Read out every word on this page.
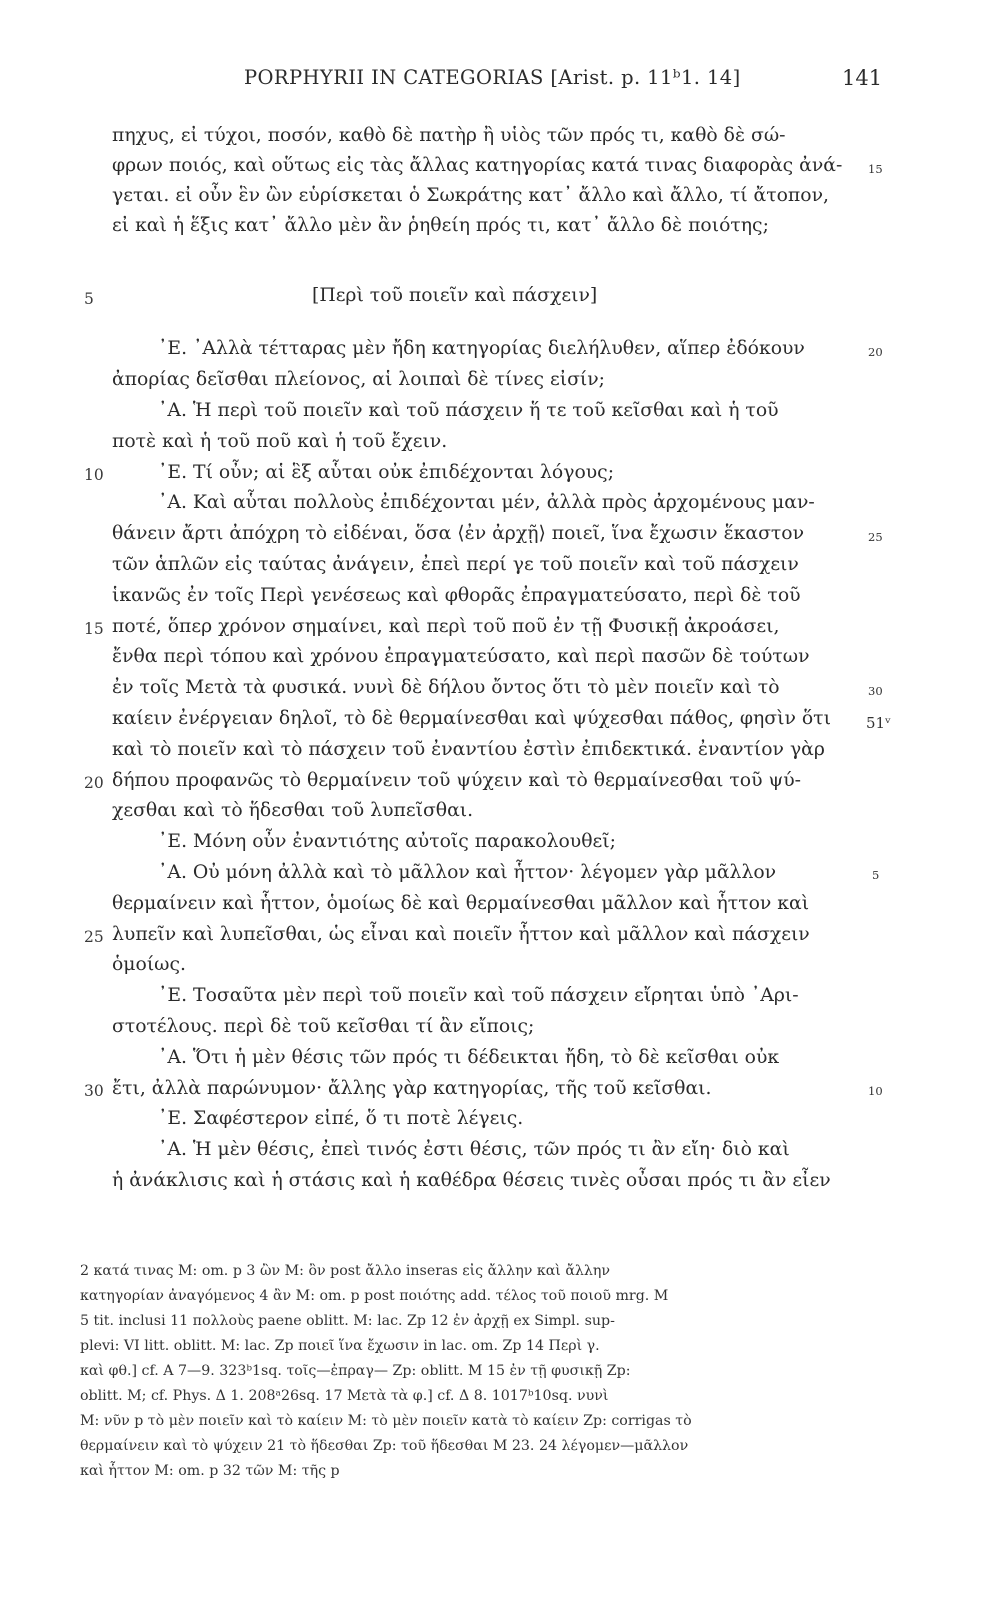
PORPHYRII IN CATEGORIAS [Arist. p. 11ᵇ1. 14]	141
πηχυς, εἰ τύχοι, ποσόν, καθὸ δὲ πατὴρ ἢ υἱὸς τῶν πρός τι, καθὸ δὲ σώ-
φρων ποιός, καὶ οὕτως εἰς τὰς ἄλλας κατηγορίας κατά τινας διαφορὰς ἀνά-
γεται. εἰ οὖν ἓν ὢν εὑρίσκεται ὁ Σωκράτης κατ᾽ ἄλλο καὶ ἄλλο, τί ἄτοπον,
εἰ καὶ ἡ ἕξις κατ᾽ ἄλλο μὲν ἂν ῥηθείη πρός τι, κατ᾽ ἄλλο δὲ ποιότης;
[Περὶ τοῦ ποιεῖν καὶ πάσχειν]
᾽Ε. ᾽Αλλὰ τέτταρας μὲν ἤδη κατηγορίας διελήλυθεν, αἵπερ ἐδόκουν
ἀπορίας δεῖσθαι πλείονος, αἱ λοιπαὶ δὲ τίνες εἰσίν;
᾽Α. Ἡ περὶ τοῦ ποιεῖν καὶ τοῦ πάσχειν ἥ τε τοῦ κεῖσθαι καὶ ἡ τοῦ
ποτὲ καὶ ἡ τοῦ ποῦ καὶ ἡ τοῦ ἔχειν.
᾽Ε. Τί οὖν; αἱ ἓξ αὗται οὐκ ἐπιδέχονται λόγους;
᾽Α. Καὶ αὗται πολλοὺς ἐπιδέχονται μέν, ἀλλὰ πρὸς ἀρχομένους μαν-
θάνειν ἄρτι ἀπόχρη τὸ εἰδέναι, ὅσα ⟨ἐν ἀρχῇ⟩ ποιεῖ, ἵνα ἔχωσιν ἕκαστον
τῶν ἁπλῶν εἰς ταύτας ἀνάγειν, ἐπεὶ περί γε τοῦ ποιεῖν καὶ τοῦ πάσχειν
ἱκανῶς ἐν τοῖς Περὶ γενέσεως καὶ φθορᾶς ἐπραγματεύσατο, περὶ δὲ τοῦ
ποτέ, ὅπερ χρόνον σημαίνει, καὶ περὶ τοῦ ποῦ ἐν τῇ Φυσικῇ ἀκροάσει,
ἔνθα περὶ τόπου καὶ χρόνου ἐπραγματεύσατο, καὶ περὶ πασῶν δὲ τούτων
ἐν τοῖς Μετὰ τὰ φυσικά. νυνὶ δὲ δήλου ὄντος ὅτι τὸ μὲν ποιεῖν καὶ τὸ
καίειν ἐνέργειαν δηλοῖ, τὸ δὲ θερμαίνεσθαι καὶ ψύχεσθαι πάθος, φησὶν ὅτι
καὶ τὸ ποιεῖν καὶ τὸ πάσχειν τοῦ ἐναντίου ἐστὶν ἐπιδεκτικά. ἐναντίον γὰρ
δήπου προφανῶς τὸ θερμαίνειν τοῦ ψύχειν καὶ τὸ θερμαίνεσθαι τοῦ ψύ-
χεσθαι καὶ τὸ ἥδεσθαι τοῦ λυπεῖσθαι.
᾽Ε. Μόνη οὖν ἐναντιότης αὐτοῖς παρακολουθεῖ;
᾽Α. Οὐ μόνη ἀλλὰ καὶ τὸ μᾶλλον καὶ ἧττον· λέγομεν γὰρ μᾶλλον
θερμαίνειν καὶ ἧττον, ὁμοίως δὲ καὶ θερμαίνεσθαι μᾶλλον καὶ ἧττον καὶ
λυπεῖν καὶ λυπεῖσθαι, ὡς εἶναι καὶ ποιεῖν ἧττον καὶ μᾶλλον καὶ πάσχειν
ὁμοίως.
᾽Ε. Τοσαῦτα μὲν περὶ τοῦ ποιεῖν καὶ τοῦ πάσχειν εἴρηται ὑπὸ ᾽Αρι-
στοτέλους. περὶ δὲ τοῦ κεῖσθαι τί ἂν εἴποις;
᾽Α. Ὅτι ἡ μὲν θέσις τῶν πρός τι δέδεικται ἤδη, τὸ δὲ κεῖσθαι οὐκ
ἔτι, ἀλλὰ παρώνυμον· ἄλλης γὰρ κατηγορίας, τῆς τοῦ κεῖσθαι.
᾽Ε. Σαφέστερον εἰπέ, ὅ τι ποτὲ λέγεις.
᾽Α. Ἡ μὲν θέσις, ἐπεὶ τινός ἐστι θέσις, τῶν πρός τι ἂν εἴη· διὸ καὶ
ἡ ἀνάκλισις καὶ ἡ στάσις καὶ ἡ καθέδρα θέσεις τινὲς οὖσαι πρός τι ἂν εἶεν
5
10
15
20
25
30
15
20
25
30
51ᵛ
5
10
2 κατά τινας M: om. p 3 ὢν M: ὂν post ἄλλο inseras εἰς ἄλλην καὶ ἄλλην
κατηγορίαν ἀναγόμενος 4 ἂν M: om. p post ποιότης add. τέλος τοῦ ποιοῦ mrg. M
5 tit. inclusi 11 πολλοὺς paene oblitt. M: lac. Zp 12 ἐν ἀρχῇ ex Simpl. sup-
plevi: VI litt. oblitt. M: lac. Zp ποιεῖ ἵνα ἔχωσιν in lac. om. Zp 14 Περὶ γ.
καὶ φθ.] cf. A 7—9. 323ᵇ1sq. τοῖς—ἐπραγ— Zp: oblitt. M 15 ἐν τῇ φυσικῇ Zp:
oblitt. M; cf. Phys. Δ 1. 208ᵃ26sq. 17 Μετὰ τὰ φ.] cf. Δ 8. 1017ᵇ10sq. νυνὶ
M: νῦν p τὸ μὲν ποιεῖν καὶ τὸ καίειν M: τὸ μὲν ποιεῖν κατὰ τὸ καίειν Zp: corrigas τὸ
θερμαίνειν καὶ τὸ ψύχειν 21 τὸ ἥδεσθαι Zp: τοῦ ἥδεσθαι M 23. 24 λέγομεν—μᾶλλον
καὶ ἧττον M: om. p 32 τῶν M: τῆς p
